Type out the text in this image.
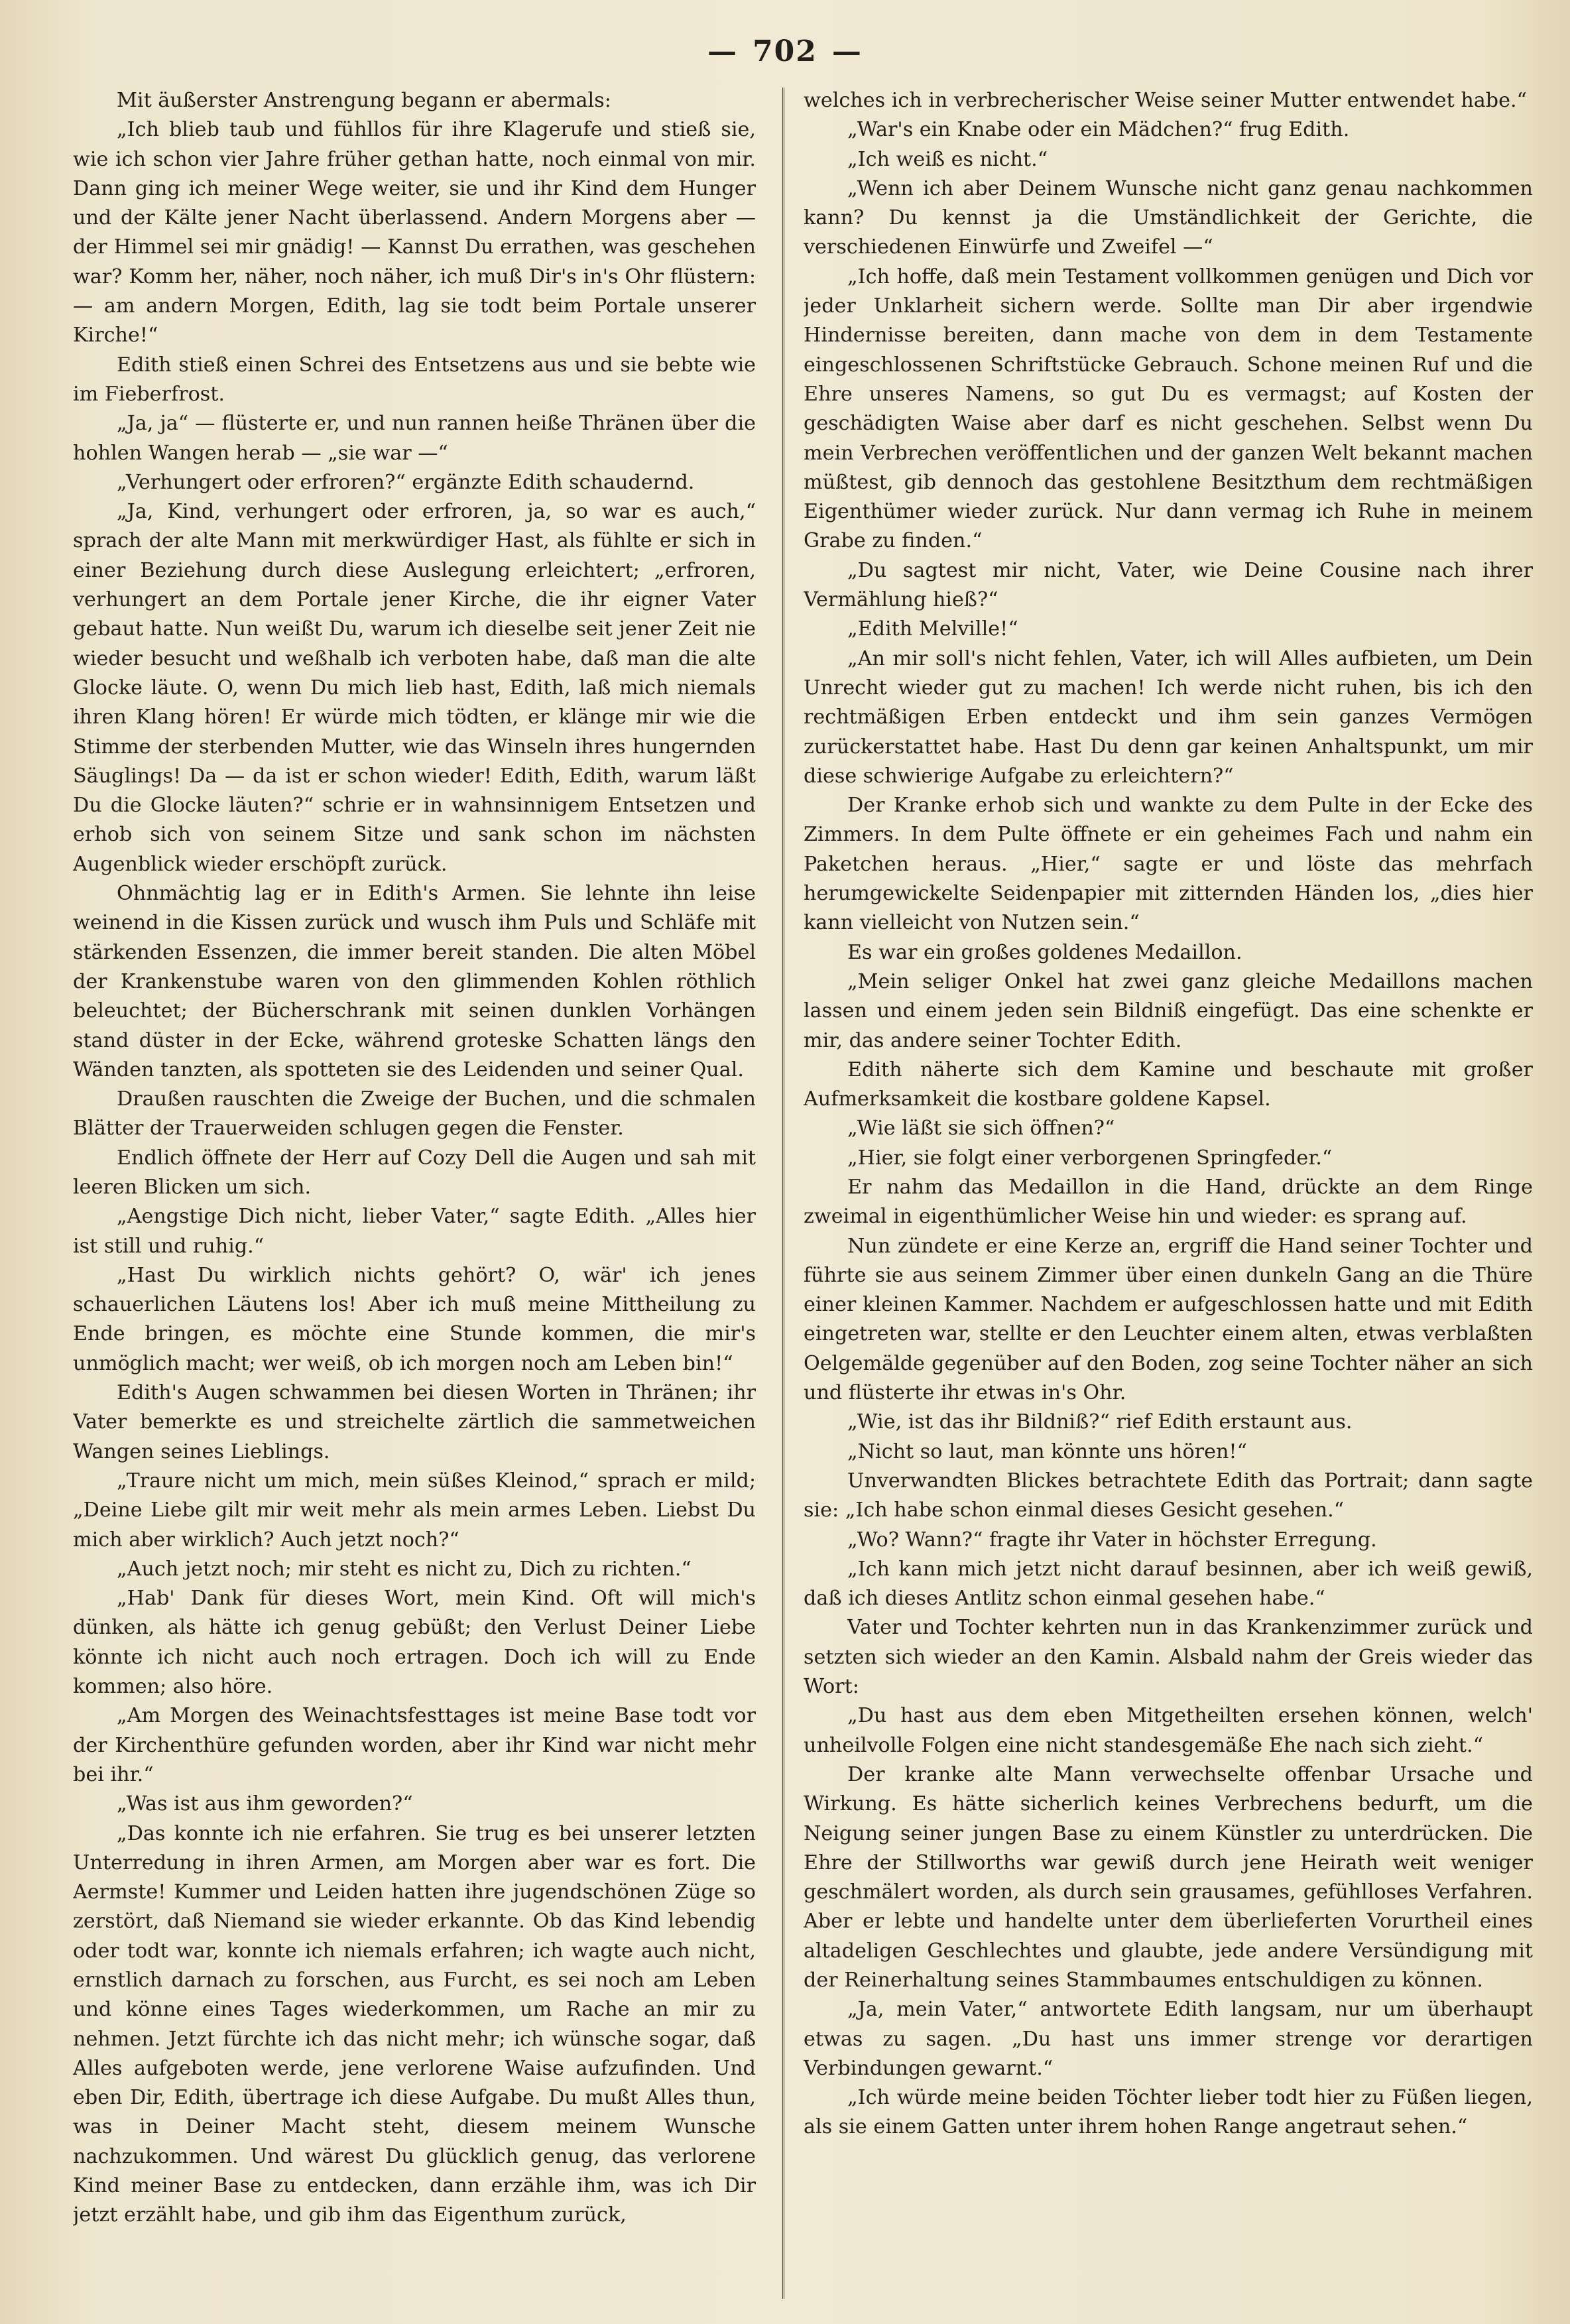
— 702 —

Mit äußerster Anstrengung begann er abermals:

„Ich blieb taub und fühllos für ihre Klagerufe und stieß sie, wie ich schon vier Jahre früher gethan hatte, noch einmal von mir. Dann ging ich meiner Wege weiter, sie und ihr Kind dem Hunger und der Kälte jener Nacht überlassend. Andern Morgens aber — der Himmel sei mir gnädig! — Kannst Du errathen, was geschehen war? Komm her, näher, noch näher, ich muß Dir's in's Ohr flüstern: — am andern Morgen, Edith, lag sie todt beim Portale unserer Kirche!“

Edith stieß einen Schrei des Entsetzens aus und sie bebte wie im Fieberfrost.

„Ja, ja“ — flüsterte er, und nun rannen heiße Thränen über die hohlen Wangen herab — „sie war —“

„Verhungert oder erfroren?“ ergänzte Edith schaudernd.

„Ja, Kind, verhungert oder erfroren, ja, so war es auch,“ sprach der alte Mann mit merkwürdiger Hast, als fühlte er sich in einer Beziehung durch diese Auslegung erleichtert; „erfroren, verhungert an dem Portale jener Kirche, die ihr eigner Vater gebaut hatte. Nun weißt Du, warum ich dieselbe seit jener Zeit nie wieder besucht und weßhalb ich verboten habe, daß man die alte Glocke läute. O, wenn Du mich lieb hast, Edith, laß mich niemals ihren Klang hören! Er würde mich tödten, er klänge mir wie die Stimme der sterbenden Mutter, wie das Winseln ihres hungernden Säuglings! Da — da ist er schon wieder! Edith, Edith, warum läßt Du die Glocke läuten?“ schrie er in wahnsinnigem Entsetzen und erhob sich von seinem Sitze und sank schon im nächsten Augenblick wieder erschöpft zurück.

Ohnmächtig lag er in Edith's Armen. Sie lehnte ihn leise weinend in die Kissen zurück und wusch ihm Puls und Schläfe mit stärkenden Essenzen, die immer bereit standen. Die alten Möbel der Krankenstube waren von den glimmenden Kohlen röthlich beleuchtet; der Bücherschrank mit seinen dunklen Vorhängen stand düster in der Ecke, während groteske Schatten längs den Wänden tanzten, als spotteten sie des Leidenden und seiner Qual.

Draußen rauschten die Zweige der Buchen, und die schmalen Blätter der Trauerweiden schlugen gegen die Fenster.

Endlich öffnete der Herr auf Cozy Dell die Augen und sah mit leeren Blicken um sich.

„Aengstige Dich nicht, lieber Vater,“ sagte Edith. „Alles hier ist still und ruhig.“

„Hast Du wirklich nichts gehört? O, wär' ich jenes schauerlichen Läutens los! Aber ich muß meine Mittheilung zu Ende bringen, es möchte eine Stunde kommen, die mir's unmöglich macht; wer weiß, ob ich morgen noch am Leben bin!“

Edith's Augen schwammen bei diesen Worten in Thränen; ihr Vater bemerkte es und streichelte zärtlich die sammetweichen Wangen seines Lieblings.

„Traure nicht um mich, mein süßes Kleinod,“ sprach er mild; „Deine Liebe gilt mir weit mehr als mein armes Leben. Liebst Du mich aber wirklich? Auch jetzt noch?“

„Auch jetzt noch; mir steht es nicht zu, Dich zu richten.“

„Hab' Dank für dieses Wort, mein Kind. Oft will mich's dünken, als hätte ich genug gebüßt; den Verlust Deiner Liebe könnte ich nicht auch noch ertragen. Doch ich will zu Ende kommen; also höre.

„Am Morgen des Weinachtsfesttages ist meine Base todt vor der Kirchenthüre gefunden worden, aber ihr Kind war nicht mehr bei ihr.“

„Was ist aus ihm geworden?“

„Das konnte ich nie erfahren. Sie trug es bei unserer letzten Unterredung in ihren Armen, am Morgen aber war es fort. Die Aermste! Kummer und Leiden hatten ihre jugendschönen Züge so zerstört, daß Niemand sie wieder erkannte. Ob das Kind lebendig oder todt war, konnte ich niemals erfahren; ich wagte auch nicht, ernstlich darnach zu forschen, aus Furcht, es sei noch am Leben und könne eines Tages wiederkommen, um Rache an mir zu nehmen. Jetzt fürchte ich das nicht mehr; ich wünsche sogar, daß Alles aufgeboten werde, jene verlorene Waise aufzufinden. Und eben Dir, Edith, übertrage ich diese Aufgabe. Du mußt Alles thun, was in Deiner Macht steht, diesem meinem Wunsche nachzukommen. Und wärest Du glücklich genug, das verlorene Kind meiner Base zu entdecken, dann erzähle ihm, was ich Dir jetzt erzählt habe, und gib ihm das Eigenthum zurück,

welches ich in verbrecherischer Weise seiner Mutter entwendet habe.“

„War's ein Knabe oder ein Mädchen?“ frug Edith.

„Ich weiß es nicht.“

„Wenn ich aber Deinem Wunsche nicht ganz genau nachkommen kann? Du kennst ja die Umständlichkeit der Gerichte, die verschiedenen Einwürfe und Zweifel —“

„Ich hoffe, daß mein Testament vollkommen genügen und Dich vor jeder Unklarheit sichern werde. Sollte man Dir aber irgendwie Hindernisse bereiten, dann mache von dem in dem Testamente eingeschlossenen Schriftstücke Gebrauch. Schone meinen Ruf und die Ehre unseres Namens, so gut Du es vermagst; auf Kosten der geschädigten Waise aber darf es nicht geschehen. Selbst wenn Du mein Verbrechen veröffentlichen und der ganzen Welt bekannt machen müßtest, gib dennoch das gestohlene Besitzthum dem rechtmäßigen Eigenthümer wieder zurück. Nur dann vermag ich Ruhe in meinem Grabe zu finden.“

„Du sagtest mir nicht, Vater, wie Deine Cousine nach ihrer Vermählung hieß?“

„Edith Melville!“

„An mir soll's nicht fehlen, Vater, ich will Alles aufbieten, um Dein Unrecht wieder gut zu machen! Ich werde nicht ruhen, bis ich den rechtmäßigen Erben entdeckt und ihm sein ganzes Vermögen zurückerstattet habe. Hast Du denn gar keinen Anhaltspunkt, um mir diese schwierige Aufgabe zu erleichtern?“

Der Kranke erhob sich und wankte zu dem Pulte in der Ecke des Zimmers. In dem Pulte öffnete er ein geheimes Fach und nahm ein Paketchen heraus. „Hier,“ sagte er und löste das mehrfach herumgewickelte Seidenpapier mit zitternden Händen los, „dies hier kann vielleicht von Nutzen sein.“

Es war ein großes goldenes Medaillon.

„Mein seliger Onkel hat zwei ganz gleiche Medaillons machen lassen und einem jeden sein Bildniß eingefügt. Das eine schenkte er mir, das andere seiner Tochter Edith.

Edith näherte sich dem Kamine und beschaute mit großer Aufmerksamkeit die kostbare goldene Kapsel.

„Wie läßt sie sich öffnen?“

„Hier, sie folgt einer verborgenen Springfeder.“

Er nahm das Medaillon in die Hand, drückte an dem Ringe zweimal in eigenthümlicher Weise hin und wieder: es sprang auf.

Nun zündete er eine Kerze an, ergriff die Hand seiner Tochter und führte sie aus seinem Zimmer über einen dunkeln Gang an die Thüre einer kleinen Kammer. Nachdem er aufgeschlossen hatte und mit Edith eingetreten war, stellte er den Leuchter einem alten, etwas verblaßten Oelgemälde gegenüber auf den Boden, zog seine Tochter näher an sich und flüsterte ihr etwas in's Ohr.

„Wie, ist das ihr Bildniß?“ rief Edith erstaunt aus.

„Nicht so laut, man könnte uns hören!“

Unverwandten Blickes betrachtete Edith das Portrait; dann sagte sie: „Ich habe schon einmal dieses Gesicht gesehen.“

„Wo? Wann?“ fragte ihr Vater in höchster Erregung.

„Ich kann mich jetzt nicht darauf besinnen, aber ich weiß gewiß, daß ich dieses Antlitz schon einmal gesehen habe.“

Vater und Tochter kehrten nun in das Krankenzimmer zurück und setzten sich wieder an den Kamin. Alsbald nahm der Greis wieder das Wort:

„Du hast aus dem eben Mitgetheilten ersehen können, welch' unheilvolle Folgen eine nicht standesgemäße Ehe nach sich zieht.“

Der kranke alte Mann verwechselte offenbar Ursache und Wirkung. Es hätte sicherlich keines Verbrechens bedurft, um die Neigung seiner jungen Base zu einem Künstler zu unterdrücken. Die Ehre der Stillworths war gewiß durch jene Heirath weit weniger geschmälert worden, als durch sein grausames, gefühlloses Verfahren. Aber er lebte und handelte unter dem überlieferten Vorurtheil eines altadeligen Geschlechtes und glaubte, jede andere Versündigung mit der Reinerhaltung seines Stammbaumes entschuldigen zu können.

„Ja, mein Vater,“ antwortete Edith langsam, nur um überhaupt etwas zu sagen. „Du hast uns immer strenge vor derartigen Verbindungen gewarnt.“

„Ich würde meine beiden Töchter lieber todt hier zu Füßen liegen, als sie einem Gatten unter ihrem hohen Range angetraut sehen.“
